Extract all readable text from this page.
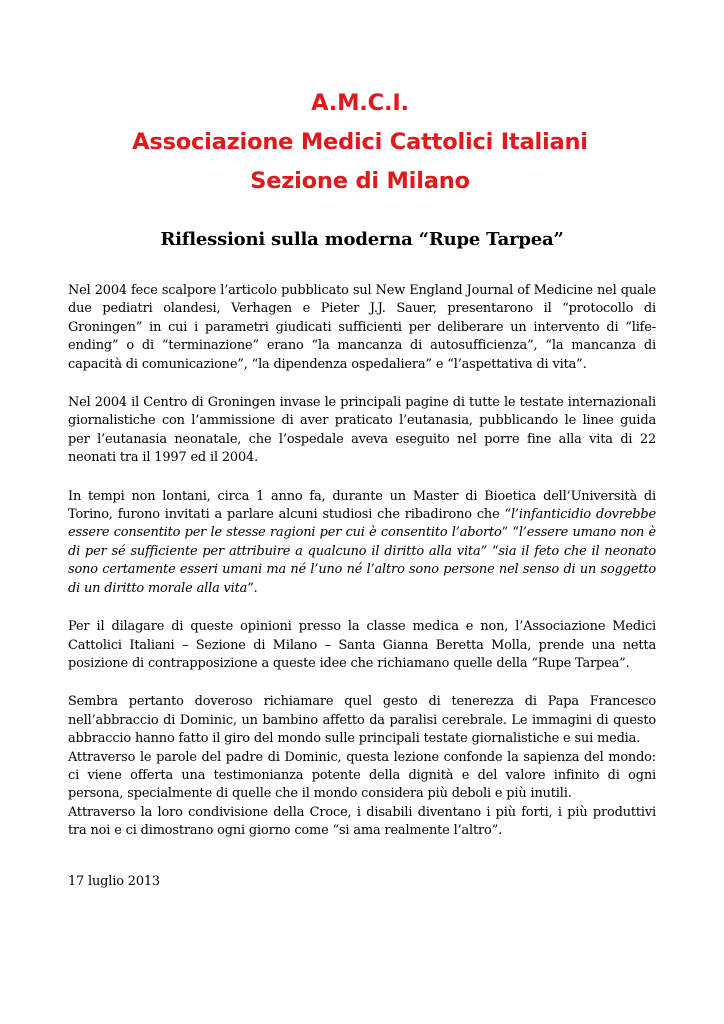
A.M.C.I.
Associazione Medici Cattolici Italiani
Sezione di Milano
Riflessioni sulla moderna “Rupe Tarpea”

Nel 2004 fece scalpore l’articolo pubblicato sul New England Journal of Medicine nel quale due pediatri olandesi, Verhagen e Pieter J.J. Sauer, presentarono il “protocollo di Groningen” in cui i parametri giudicati sufficienti per deliberare un intervento di “life-ending” o di “terminazione” erano “la mancanza di autosufficienza”, “la mancanza di capacità di comunicazione”, “la dipendenza ospedaliera” e “l’aspettativa di vita”.

Nel 2004 il Centro di Groningen invase le principali pagine di tutte le testate internazionali giornalistiche con l’ammissione di aver praticato l’eutanasia, pubblicando le linee guida per l’eutanasia neonatale, che l’ospedale aveva eseguito nel porre fine alla vita di 22 neonati tra il 1997 ed il 2004.

In tempi non lontani, circa 1 anno fa, durante un Master di Bioetica dell’Università di Torino, furono invitati a parlare alcuni studiosi che ribadirono che “l’infanticidio dovrebbe essere consentito per le stesse ragioni per cui è consentito l’aborto” “l’essere umano non è di per sé sufficiente per attribuire a qualcuno il diritto alla vita” “sia il feto che il neonato sono certamente esseri umani ma né l’uno né l’altro sono persone nel senso di un soggetto di un diritto morale alla vita”.

Per il dilagare di queste opinioni presso la classe medica e non, l’Associazione Medici Cattolici Italiani – Sezione di Milano – Santa Gianna Beretta Molla, prende una netta posizione di contrapposizione a queste idee che richiamano quelle della “Rupe Tarpea”.

Sembra pertanto doveroso richiamare quel gesto di tenerezza di Papa Francesco nell’abbraccio di Dominic, un bambino affetto da paralisi cerebrale. Le immagini di questo abbraccio hanno fatto il giro del mondo sulle principali testate giornalistiche e sui media.

Attraverso le parole del padre di Dominic, questa lezione confonde la sapienza del mondo: ci viene offerta una testimonianza potente della dignità e del valore infinito di ogni persona, specialmente di quelle che il mondo considera più deboli e più inutili.

Attraverso la loro condivisione della Croce, i disabili diventano i più forti, i più produttivi tra noi e ci dimostrano ogni giorno come “si ama realmente l’altro”.

17 luglio 2013
